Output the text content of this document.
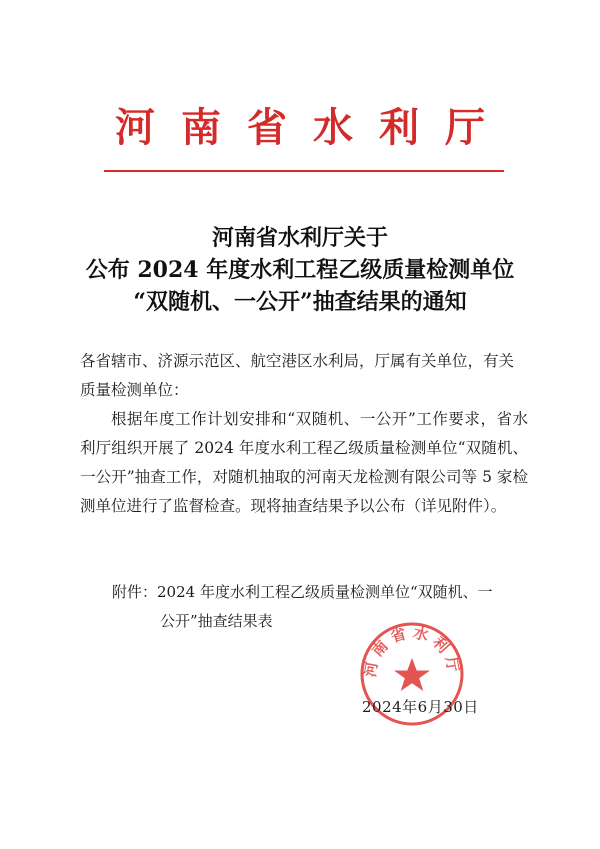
河南省水利厅
河南省水利厅关于
公布 2024 年度水利工程乙级质量检测单位
“双随机、一公开”抽查结果的通知
各省辖市、济源示范区、航空港区水利局，厅属有关单位，有关质量检测单位：
根据年度工作计划安排和“双随机、一公开”工作要求，省水利厅组织开展了 2024 年度水利工程乙级质量检测单位“双随机、一公开”抽查工作，对随机抽取的河南天龙检测有限公司等 5 家检测单位进行了监督检查。现将抽查结果予以公布（详见附件）。
附件：2024 年度水利工程乙级质量检测单位“双随机、一
公开”抽查结果表
河南省水利厅
2024年6月30日
